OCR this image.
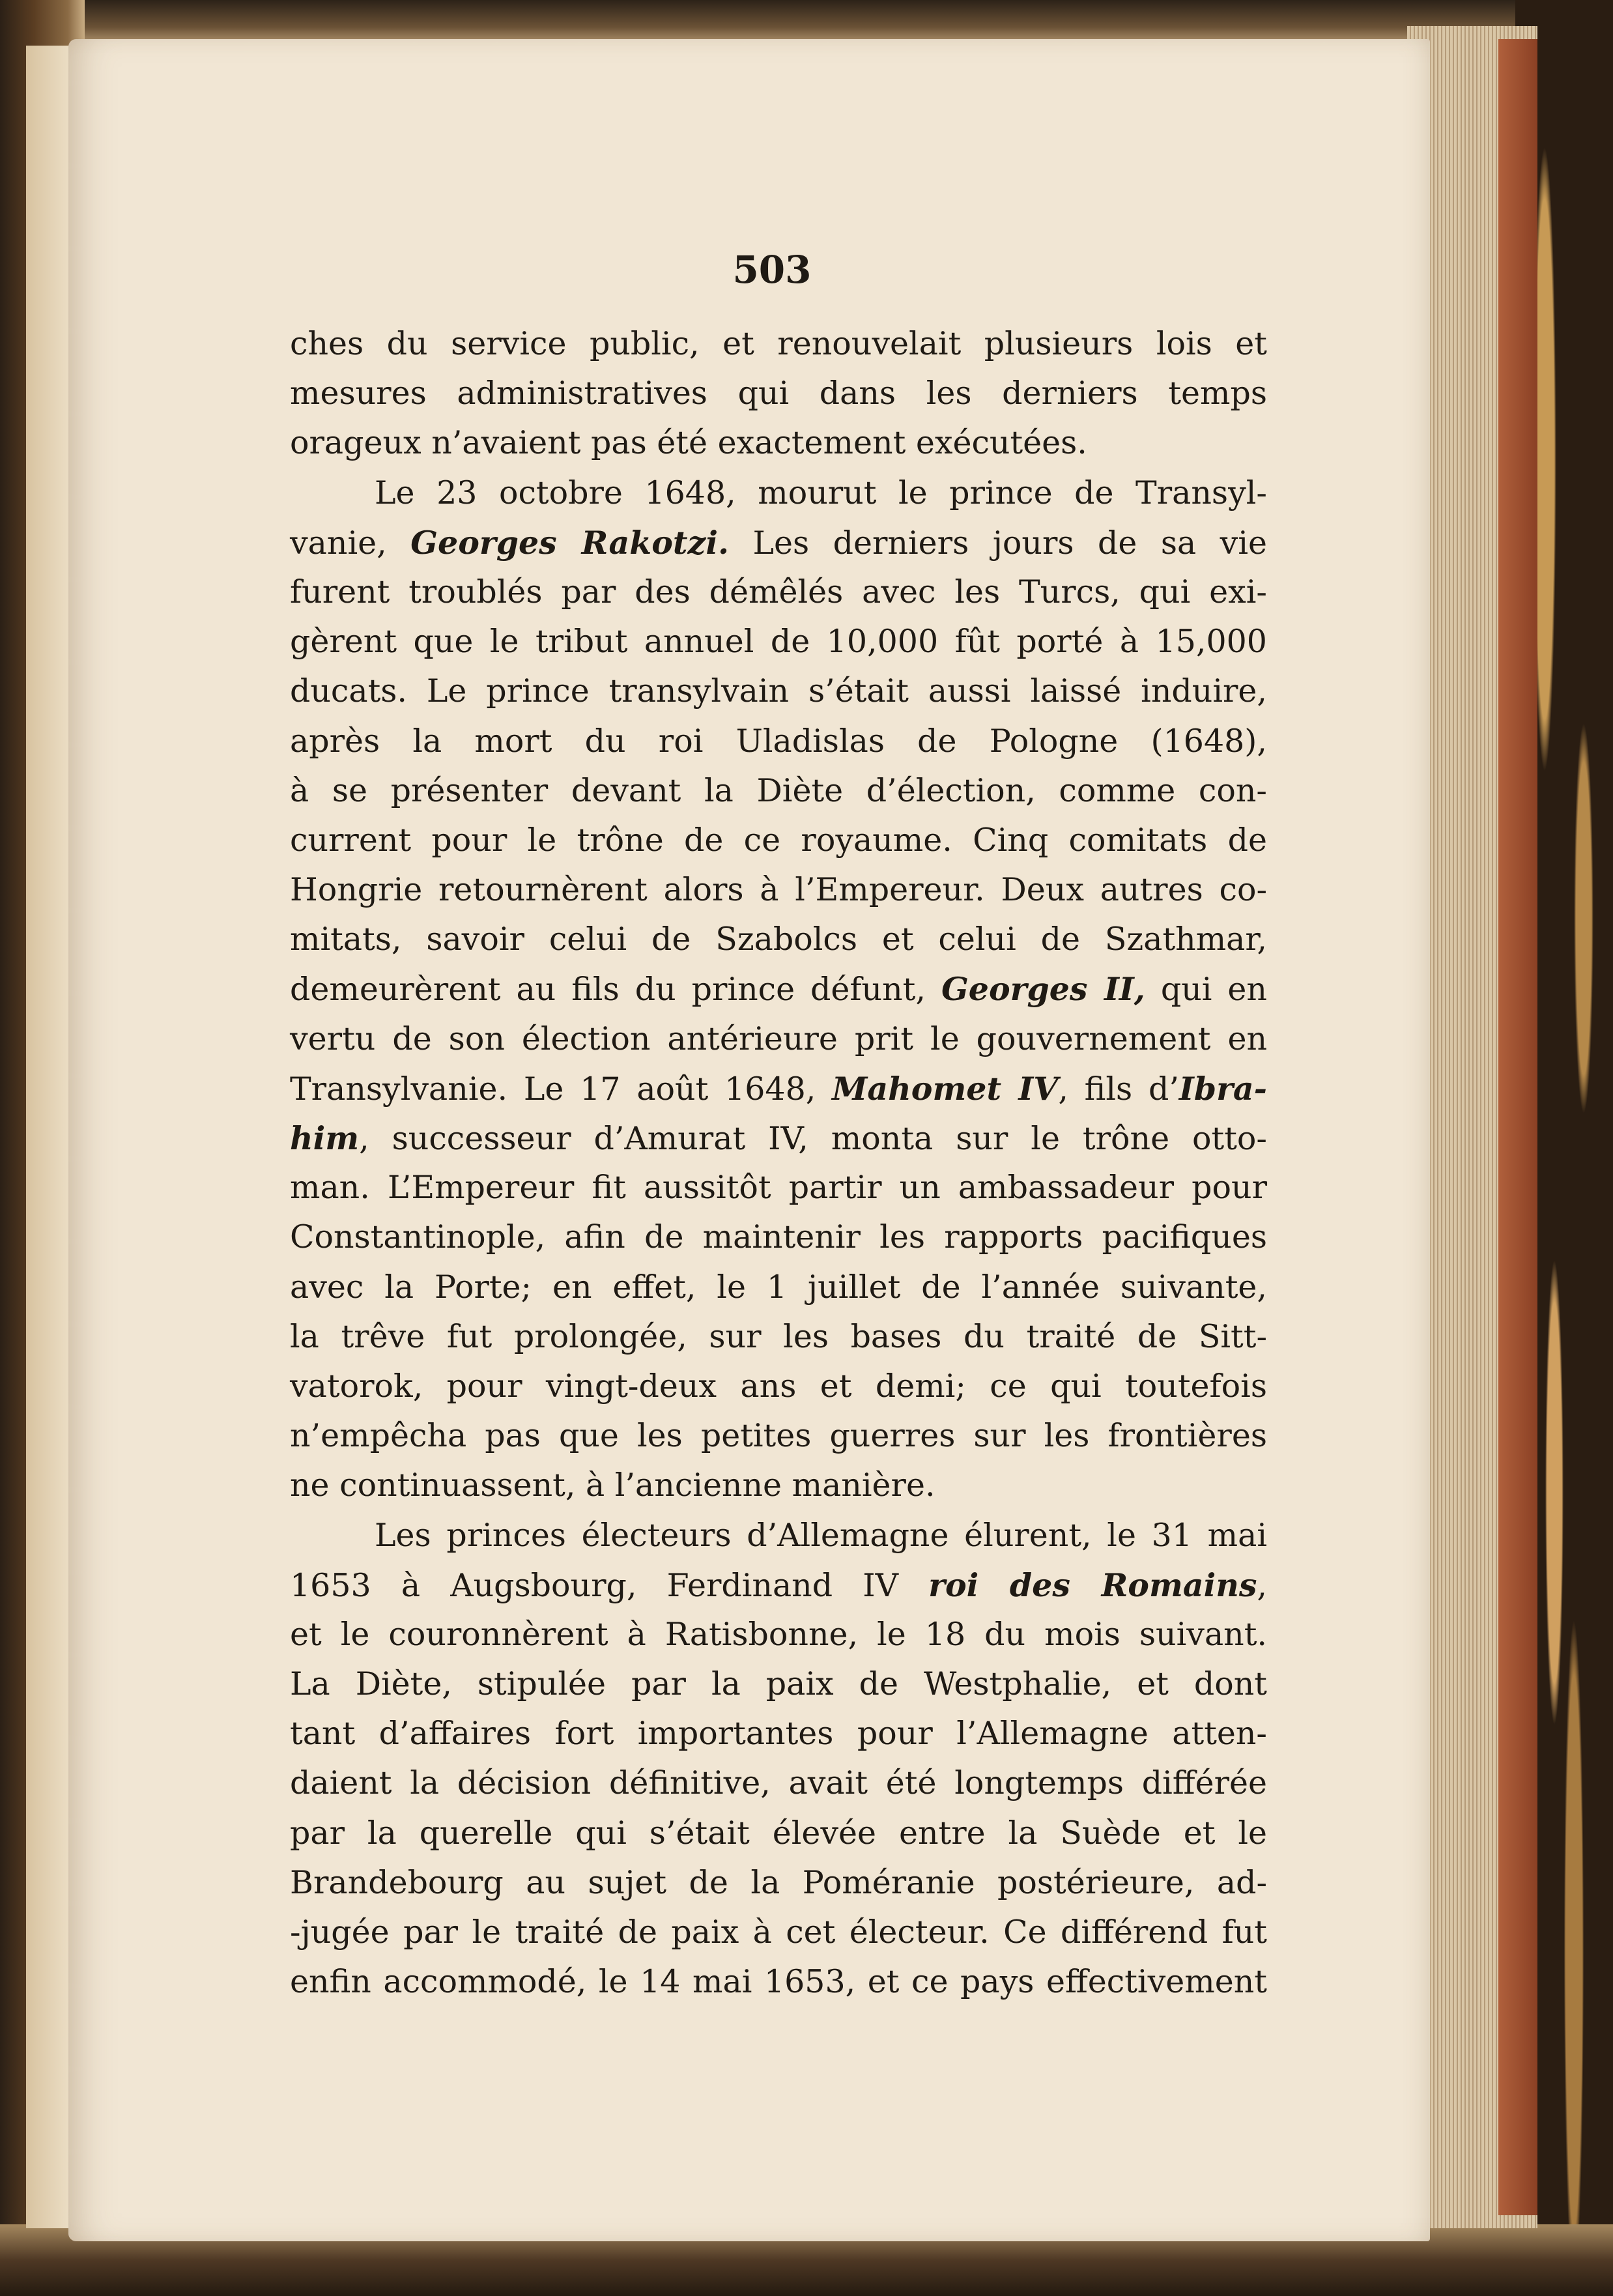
503
ches du service public, et renouvelait plusieurs lois et
mesures administratives qui dans les derniers temps
orageux n’avaient pas été exactement exécutées.
Le 23 octobre 1648, mourut le prince de Transyl-
vanie, Georges Rakotzi. Les derniers jours de sa vie
furent troublés par des démêlés avec les Turcs, qui exi-
gèrent que le tribut annuel de 10,000 fût porté à 15,000
ducats. Le prince transylvain s’était aussi laissé induire,
après la mort du roi Uladislas de Pologne (1648),
à se présenter devant la Diète d’élection, comme con-
current pour le trône de ce royaume. Cinq comitats de
Hongrie retournèrent alors à l’Empereur. Deux autres co-
mitats, savoir celui de Szabolcs et celui de Szathmar,
demeurèrent au fils du prince défunt, Georges II, qui en
vertu de son élection antérieure prit le gouvernement en
Transylvanie. Le 17 août 1648, Mahomet IV, fils d’Ibra-
him, successeur d’Amurat IV, monta sur le trône otto-
man. L’Empereur fit aussitôt partir un ambassadeur pour
Constantinople, afin de maintenir les rapports pacifiques
avec la Porte; en effet, le 1 juillet de l’année suivante,
la trêve fut prolongée, sur les bases du traité de Sitt-
vatorok, pour vingt-deux ans et demi; ce qui toutefois
n’empêcha pas que les petites guerres sur les frontières
ne continuassent, à l’ancienne manière.
Les princes électeurs d’Allemagne élurent, le 31 mai
1653 à Augsbourg, Ferdinand IV roi des Romains,
et le couronnèrent à Ratisbonne, le 18 du mois suivant.
La Diète, stipulée par la paix de Westphalie, et dont
tant d’affaires fort importantes pour l’Allemagne atten-
daient la décision définitive, avait été longtemps différée
par la querelle qui s’était élevée entre la Suède et le
Brandebourg au sujet de la Poméranie postérieure, ad-
-jugée par le traité de paix à cet électeur. Ce différend fut
enfin accommodé, le 14 mai 1653, et ce pays effectivement
